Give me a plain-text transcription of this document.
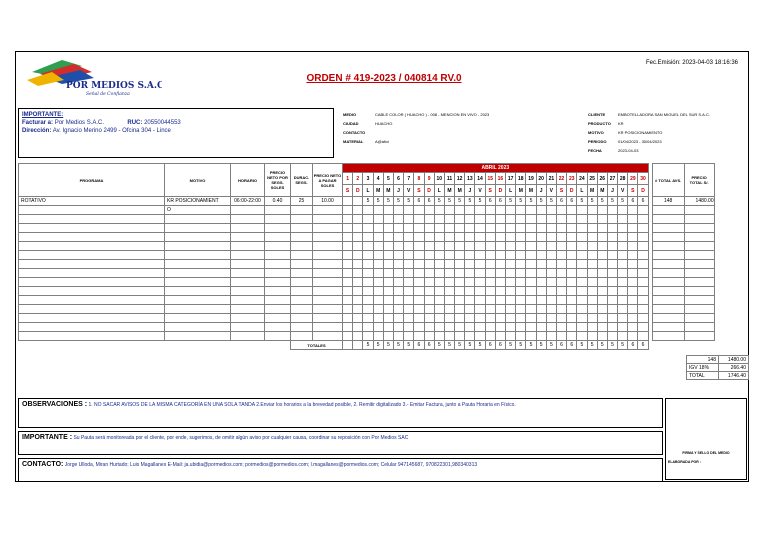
POR MEDIOS S.A.C.
Señal de Confianza
Fec.Emisión: 2023-04-03 18:16:36
ORDEN # 419-2023 / 040814 RV.0
IMPORTANTE:
Facturar a: Por Medios S.A.C.	RUC: 20550044553
Dirección: Av. Ignacio Merino 2499 - Ofcina 304 - Lince
MEDIO	CABLE COLOR ( HUACHO ) - 008 - MENCION EN VIVO - 2023
CIUDAD	HUACHO
CONTACTO
MATERIAL	A@afíci
CLIENTE	EMBOTELLADORA SAN MIGUEL DEL SUR S.A.C.
PRODUCTO KR
MOTIVO	KR POSICIONAMIENTO
PERIODO	01/04/2023 - 30/04/2023
FECHA	2023-04-03
PROGRAMA	MOTIVO	HORARIO	PRECIO NETO POR SEGS. SOLES	DURAC. SEGS.	PRECIO NETO A PAGAR SOLES	ABRIL 2023																															# TOTAL AVS.	PRECIO TOTAL S/.
						1	2	3	4	5	6	7	8	9	10	11	12	13	14	15	16	17	18	19	20	21	22	23	24	25	26	27	28	29	30			
						S	D	L	M	M	J	V	S	D	L	M	M	J	V	S	D	L	M	M	J	V	S	D	L	M	M	J	V	S	D			
ROTATIVO	KR POSICIONAMIENT	06:00-22:00	0.40	25	10.00			5	5	5	5	5	6	6	5	5	5	5	5	6	6	5	5	5	5	5	6	6	5	5	5	5	5	6	6		148	1480.00
	O																																					

				TOTALES				5	5	5	5	5	6	6	5	5	5	5	5	6	6	5	5	5	5	5	6	6	5	5	5	5	5	6	6			
148	1480.00
IGV 18%	266.40
TOTAL	1746.40
OBSERVACIONES : 1. NO SACAR AVISOS DE LA MISMA CATEGORÍA EN UNA SOLA TANDA 2.Enviar los horarios a la brevedad posible, 2. Remitir digitalizado 3.- Emitar Factura, junto a Pauta Horaria en Físico.
IMPORTANTE : Su Pauta será monitoreada por el cliente, por ende, sugerimos, de omitir algún aviso por cualquier causa, coordinar su reposición con Por Medios SAC
CONTACTO: Jorge Ulloda, Miran Hurtado; Luis Magallanes E-Mail: ja.ubidia@pormedios.com; pormedios@pormedios.com; l.magallanes@pormedios.com; Celular 947145687, 970822301,980340313
FIRMA Y SELLO DEL MEDIO
ELABORADA POR :
